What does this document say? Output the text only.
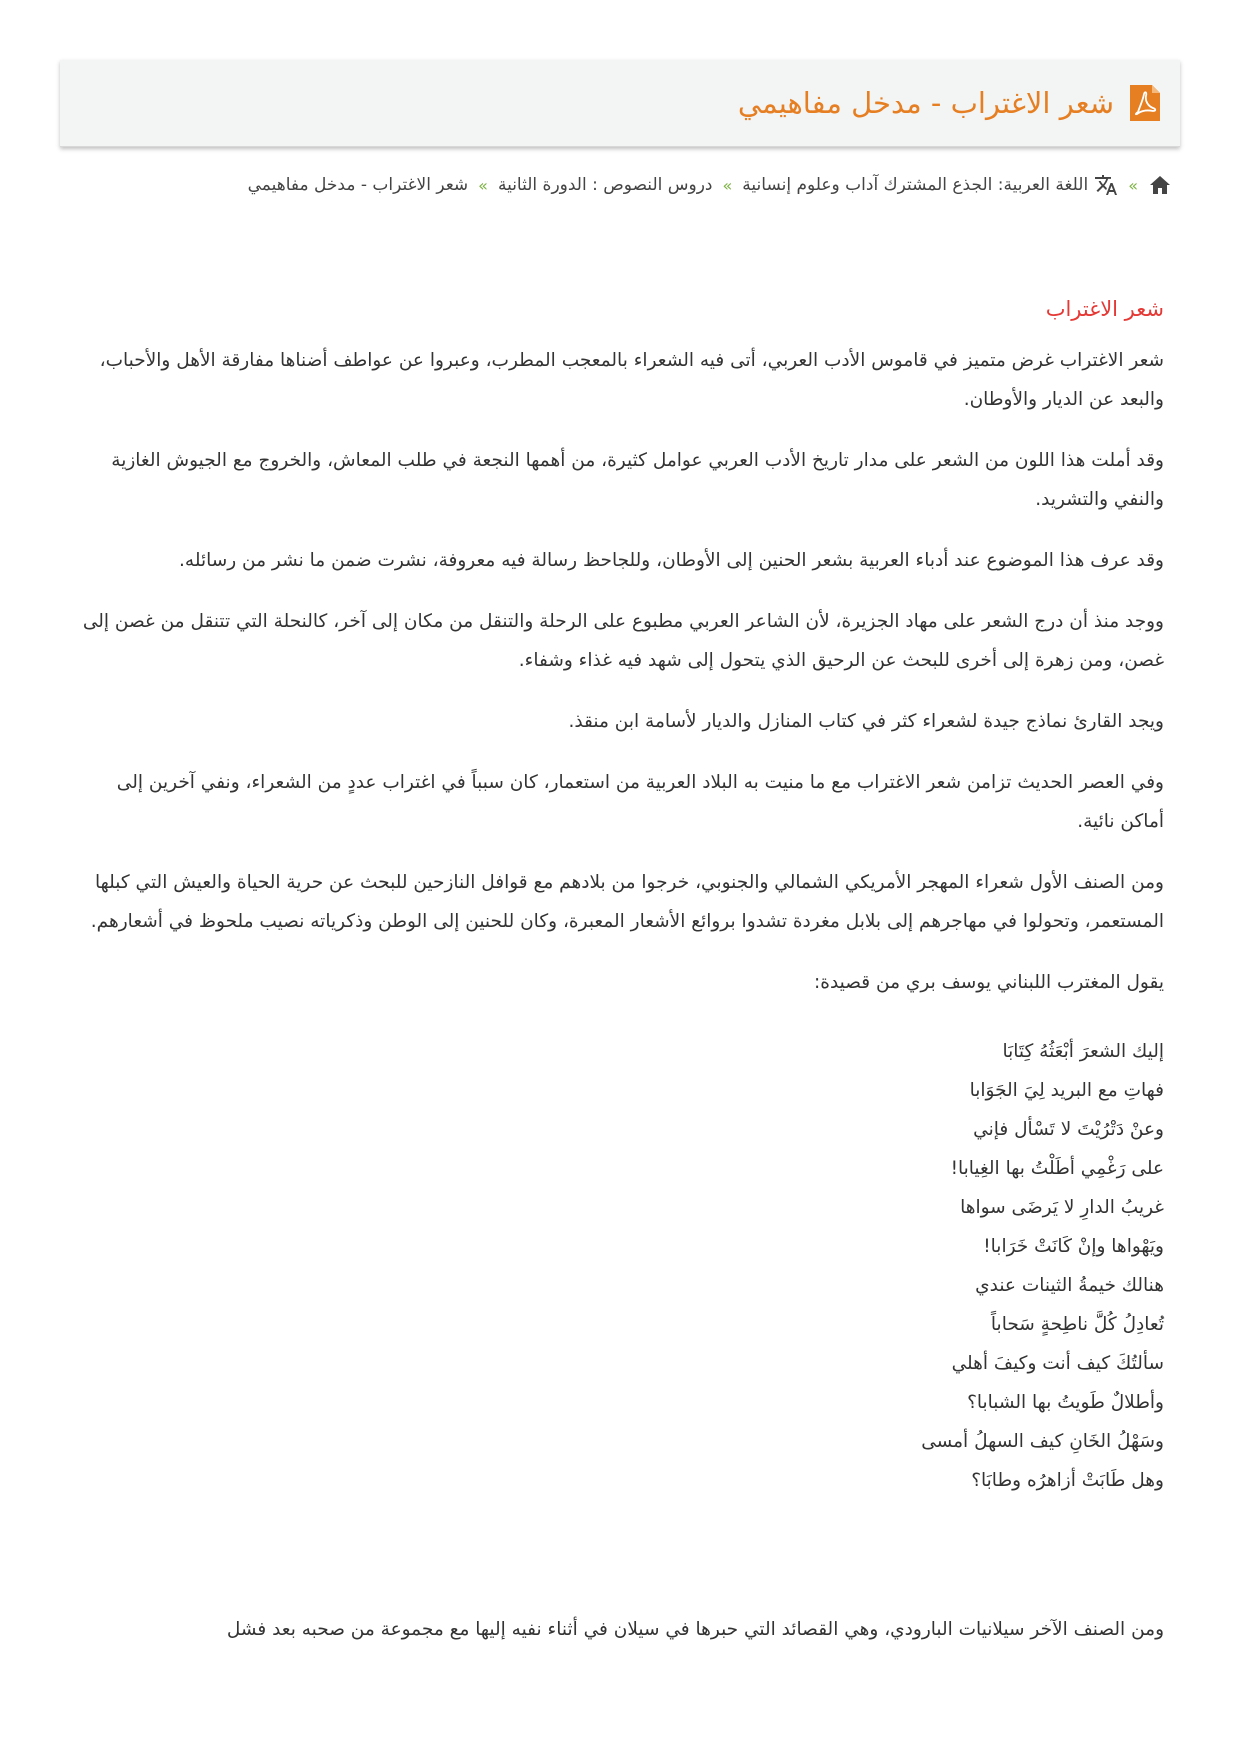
شعر الاغتراب - مدخل مفاهيمي
»
اللغة العربية: الجذع المشترك آداب وعلوم إنسانية
»
دروس النصوص : الدورة الثانية
»
شعر الاغتراب - مدخل مفاهيمي
شعر الاغتراب

شعر الاغتراب غرض متميز في قاموس الأدب العربي، أتى فيه الشعراء بالمعجب المطرب، وعبروا عن عواطف أضناها مفارقة الأهل والأحباب، والبعد عن الديار والأوطان.

وقد أملت هذا اللون من الشعر على مدار تاريخ الأدب العربي عوامل كثيرة، من أهمها النجعة في طلب المعاش، والخروج مع الجيوش الغازية والنفي والتشريد.

وقد عرف هذا الموضوع عند أدباء العربية بشعر الحنين إلى الأوطان، وللجاحظ رسالة فيه معروفة، نشرت ضمن ما نشر من رسائله.

ووجد منذ أن درج الشعر على مهاد الجزيرة، لأن الشاعر العربي مطبوع على الرحلة والتنقل من مكان إلى آخر، كالنحلة التي تتنقل من غصن إلى غصن، ومن زهرة إلى أخرى للبحث عن الرحيق الذي يتحول إلى شهد فيه غذاء وشفاء.

ويجد القارئ نماذج جيدة لشعراء كثر في كتاب المنازل والديار لأسامة ابن منقذ.

وفي العصر الحديث تزامن شعر الاغتراب مع ما منيت به البلاد العربية من استعمار، كان سبباً في اغتراب عددٍ من الشعراء، ونفي آخرين إلى أماكن نائية.

ومن الصنف الأول شعراء المهجر الأمريكي الشمالي والجنوبي، خرجوا من بلادهم مع قوافل النازحين للبحث عن حرية الحياة والعيش التي كبلها المستعمر، وتحولوا في مهاجرهم إلى بلابل مغردة تشدوا بروائع الأشعار المعبرة، وكان للحنين إلى الوطن وذكرياته نصيب ملحوظ في أشعارهم.

يقول المغترب اللبناني يوسف بري من قصيدة:

إليك الشعرَ أبْعَثُهُ كِتَابَا
فهاتِ مع البريد لِيَ الجَوَابا
وعنْ دَتْرُيْتَ لا تَسْأل فإني
على رَغْمِي أطَلْتُ بها الغِيابا!
غريبُ الدارِ لا يَرضَى سواها
ويَهْواها وإنْ كَانَتْ خَرَابا!
هنالك خيمةُ الثينات عندي
تُعادِلُ كُلَّ ناطِحةٍ سَحاباً
سألتُكَ كيف أنت وكيفَ أهلي
وأطلالٌ طَويتُ بها الشبابا؟
وسَهْلُ الخَانِ كيف السهلُ أمسى
وهل طَابَتْ أزاهرُه وطابَا؟

ومن الصنف الآخر سيلانيات البارودي، وهي القصائد التي حبرها في سيلان في أثناء نفيه إليها مع مجموعة من صحبه بعد فشل
